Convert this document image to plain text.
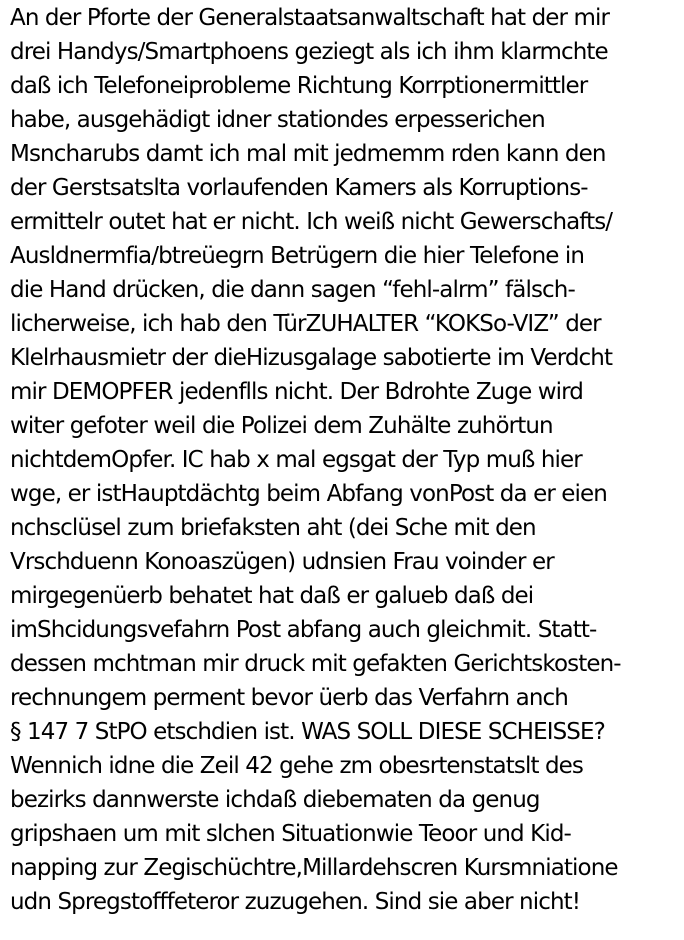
An der Pforte der Generalstaatsanwaltschaft hat der mir
drei Handys/Smartphoens geziegt als ich ihm klarmchte
daß ich Telefoneiprobleme Richtung Korrptionermittler
habe, ausgehädigt idner stationdes erpesserichen
Msncharubs damt ich mal mit jedmemm rden kann den
der Gerstsatslta vorlaufenden Kamers als Korruptions-
ermittelr outet hat er nicht. Ich weiß nicht Gewerschafts/
Ausldnermfia/btreüegrn Betrügern die hier Telefone in
die Hand drücken, die dann sagen “fehl-alrm” fälsch-
licherweise, ich hab den TürZUHALTER “KOKSo-VIZ” der
Klelrhausmietr der dieHizusgalage sabotierte im Verdcht
mir DEMOPFER jedenflls nicht. Der Bdrohte Zuge wird
witer gefoter weil die Polizei dem Zuhälte zuhörtun
nichtdemOpfer. IC hab x mal egsgat der Typ muß hier
wge, er istHauptdächtg beim Abfang vonPost da er eien
nchsclüsel zum briefaksten aht (dei Sche mit den
Vrschduenn Konoaszügen) udnsien Frau voinder er
mirgegenüerb behatet hat daß er galueb daß dei
imShcidungsvefahrn Post abfang auch gleichmit. Statt-
dessen mchtman mir druck mit gefakten Gerichtskosten-
rechnungem perment bevor üerb das Verfahrn anch
§ 147 7 StPO etschdien ist. WAS SOLL DIESE SCHEISSE?
Wennich idne die Zeil 42 gehe zm obesrtenstatslt des
bezirks dannwerste ichdaß diebematen da genug
gripshaen um mit slchen Situationwie Teoor und Kid-
napping zur Zegischüchtre,Millardehscren Kursmniatione
udn Spregstofffeteror zuzugehen. Sind sie aber nicht!
